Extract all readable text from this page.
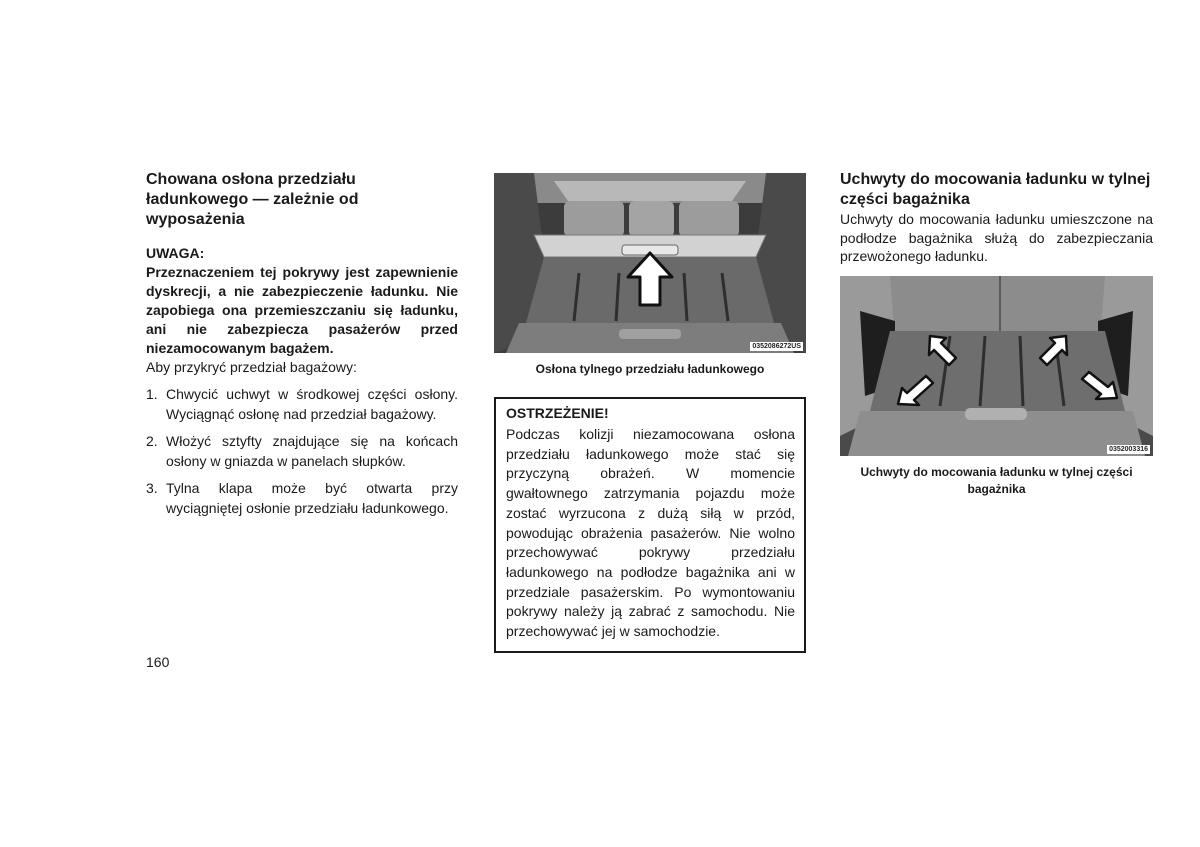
Chowana osłona przedziału ładunkowego — zależnie od wyposażenia

UWAGA:

Przeznaczeniem tej pokrywy jest zapewnienie dyskrecji, a nie zabezpieczenie ładunku. Nie zapobiega ona przemieszczaniu się ładunku, ani nie zabezpiecza pasażerów przed niezamocowanym bagażem.

Aby przykryć przedział bagażowy:

1. Chwycić uchwyt w środkowej części osłony. Wyciągnąć osłonę nad przedział bagażowy.
2. Włożyć sztyfty znajdujące się na końcach osłony w gniazda w panelach słupków.
3. Tylna klapa może być otwarta przy wyciągniętej osłonie przedziału ładunkowego.
0352086272US
Osłona tylnego przedziału ładunkowego

OSTRZEŻENIE!

Podczas kolizji niezamocowana osłona przedziału ładunkowego może stać się przyczyną obrażeń. W momencie gwałtownego zatrzymania pojazdu może zostać wyrzucona z dużą siłą w przód, powodując obrażenia pasażerów. Nie wolno przechowywać pokrywy przedziału ładunkowego na podłodze bagażnika ani w przedziale pasażerskim. Po wymontowaniu pokrywy należy ją zabrać z samochodu. Nie przechowywać jej w samochodzie.

Uchwyty do mocowania ładunku w tylnej części bagażnika

Uchwyty do mocowania ładunku umieszczone na podłodze bagażnika służą do zabezpieczania przewożonego ładunku.

0352003316
Uchwyty do mocowania ładunku w tylnej części bagażnika
160
